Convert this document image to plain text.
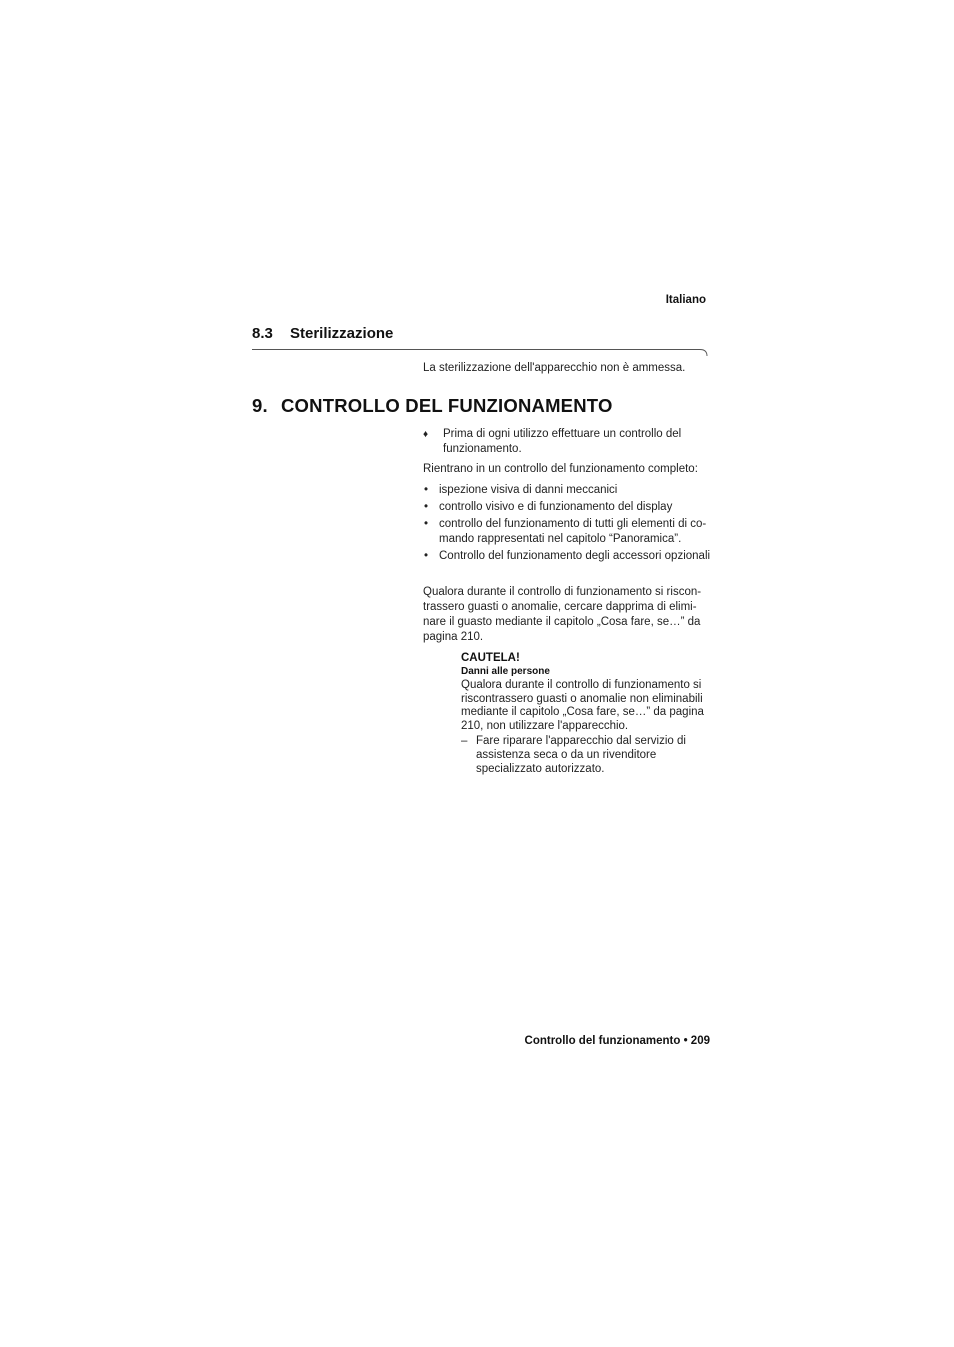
Italiano
8.3 Sterilizzazione
La sterilizzazione dell'apparecchio non è ammessa.
9. CONTROLLO DEL FUNZIONAMENTO
♦	Prima di ogni utilizzo effettuare un controllo del funzionamento.
Rientrano in un controllo del funzionamento completo:
• ispezione visiva di danni meccanici
• controllo visivo e di funzionamento del display
• controllo del funzionamento di tutti gli elementi di co-mando rappresentati nel capitolo “Panoramica”.
• Controllo del funzionamento degli accessori opzionali
Qualora durante il controllo di funzionamento si riscon-trassero guasti o anomalie, cercare dapprima di elimi-nare il guasto mediante il capitolo „Cosa fare, se…” da pagina 210.
CAUTELA!
Danni alle persone
Qualora durante il controllo di funzionamento si riscontrassero guasti o anomalie non eliminabili mediante il capitolo „Cosa fare, se…” da pagina 210, non utilizzare l'apparecchio.
– Fare riparare l'apparecchio dal servizio di assistenza seca o da un rivenditore specializzato autorizzato.
Controllo del funzionamento • 209
